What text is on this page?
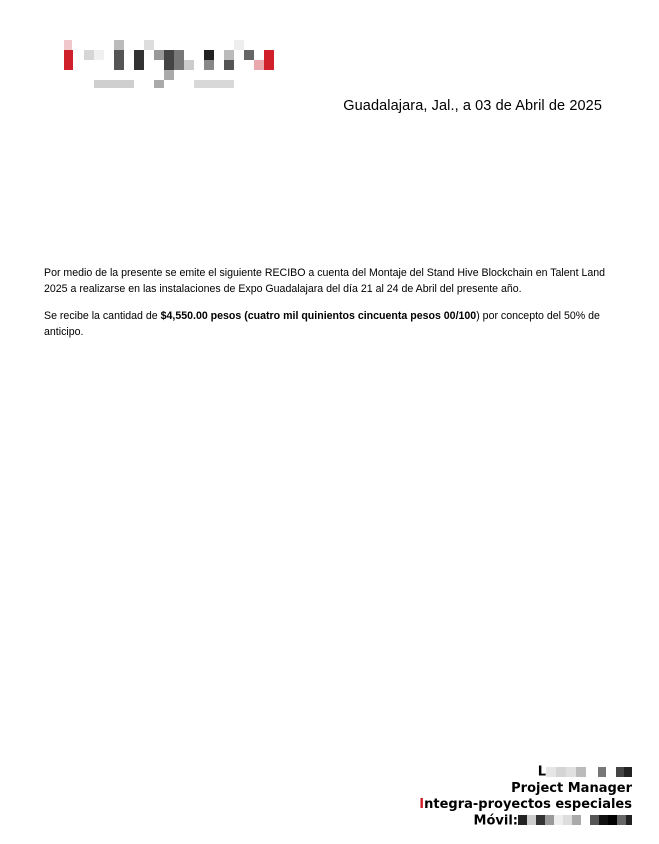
Guadalajara, Jal., a 03 de Abril de 2025

Por medio de la presente se emite el siguiente RECIBO a cuenta del Montaje del Stand Hive Blockchain en Talent Land 2025 a realizarse en las instalaciones de Expo Guadalajara del día 21 al 24 de Abril del presente año.

Se recibe la cantidad de $4,550.00 pesos (cuatro mil quinientos cincuenta pesos 00/100) por concepto del 50% de anticipo.

L
Project Manager
Integra-proyectos especiales
Móvil:
